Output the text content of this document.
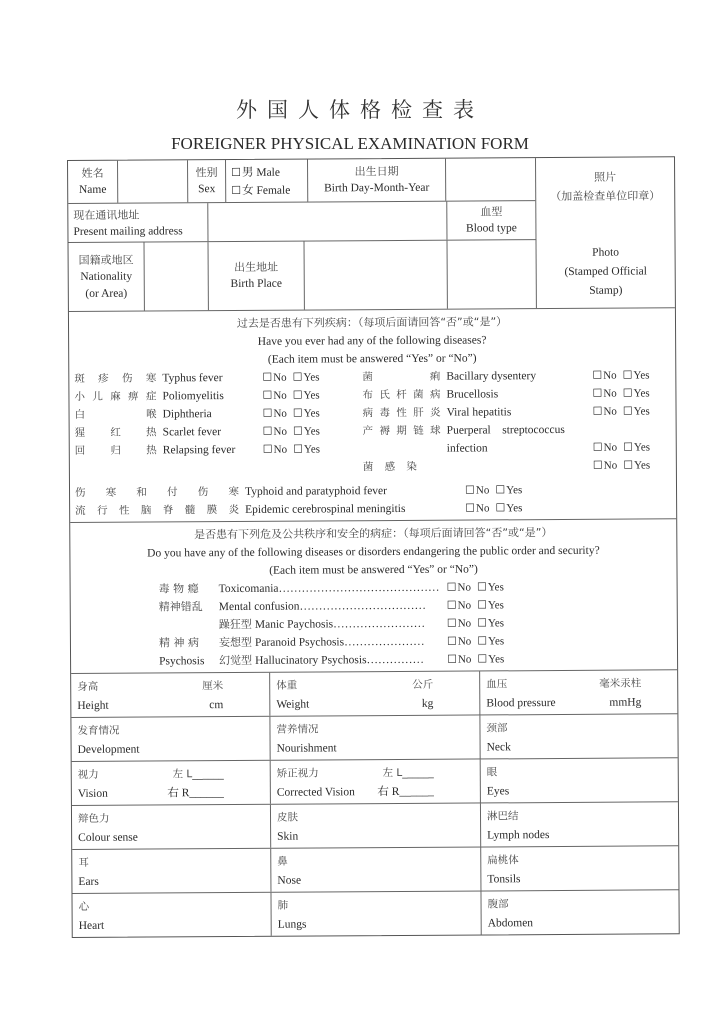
外国人体格检查表
FOREIGNER PHYSICAL EXAMINATION FORM
姓名
Name
性别
Sex
☐ 男 Male
☐ 女 Female
出生日期
Birth Day-Month-Year
现在通讯地址
Present mailing address
血型
Blood type
国籍或地区
Nationality
(or Area)
出生地址
Birth Place
照片
（加盖检查单位印章）
Photo
(Stamped Official
Stamp)
过去是否患有下列疾病：（每项后面请回答“否”或“是”）
Have you ever had any of the following diseases?
(Each item must be answered “Yes” or “No”)
斑 疹 伤 寒 Typhus fever	☐ No	☐ Yes
小 儿 麻 痹 症 Poliomyelitis	☐ No	☐ Yes
白	喉 Diphtheria	☐ No	☐ Yes
猩 红 热 Scarlet fever	☐ No	☐ Yes
回 归 热 Relapsing fever	☐ No	☐ Yes
菌	痢 Bacillary dysentery	☐ No	☐ Yes
布 氏 杆 菌 病 Brucellosis	☐ No	☐ Yes
病 毒 性 肝 炎 Viral hepatitis	☐ No	☐ Yes
产 褥 期 链 球 Puerperal    streptococcus
infection	☐ No	☐ Yes
菌 感 染	☐ No	☐ Yes
伤 寒 和 付 伤 寒 Typhoid and paratyphoid fever	☐ No	☐ Yes
流 行 性 脑 脊 髓 膜 炎 Epidemic cerebrospinal meningitis	☐ No	☐ Yes
是否患有下列危及公共秩序和安全的病症：（每项后面请回答“否”或“是”）
Do you have any of the following diseases or disorders endangering the public order and security?
(Each item must be answered “Yes” or “No”)
毒 物 瘾	Toxicomania……………………………………	☐ No	☐ Yes
精神错乱	Mental confusion……………………………	☐ No	☐ Yes
躁狂型 Manic Paychosis……………………	☐ No	☐ Yes
精 神 病	妄想型 Paranoid Psychosis…………………	☐ No	☐ Yes
Psychosis	幻觉型 Hallucinatory Psychosis……………	☐ No	☐ Yes
身高	厘米
Height	cm
体重	公斤
Weight	kg
血压	毫米汞柱
Blood pressure	mmHg
发育情况
Development
营养情况
Nourishment
颈部
Neck
视力	左 L______
Vision	右 R______
矫正视力	左 L______
Corrected Vision 右 R______
眼
Eyes
辩色力
Colour sense
皮肤
Skin
淋巴结
Lymph nodes
耳
Ears
鼻
Nose
扁桃体
Tonsils
心
Heart
肺
Lungs
腹部
Abdomen
